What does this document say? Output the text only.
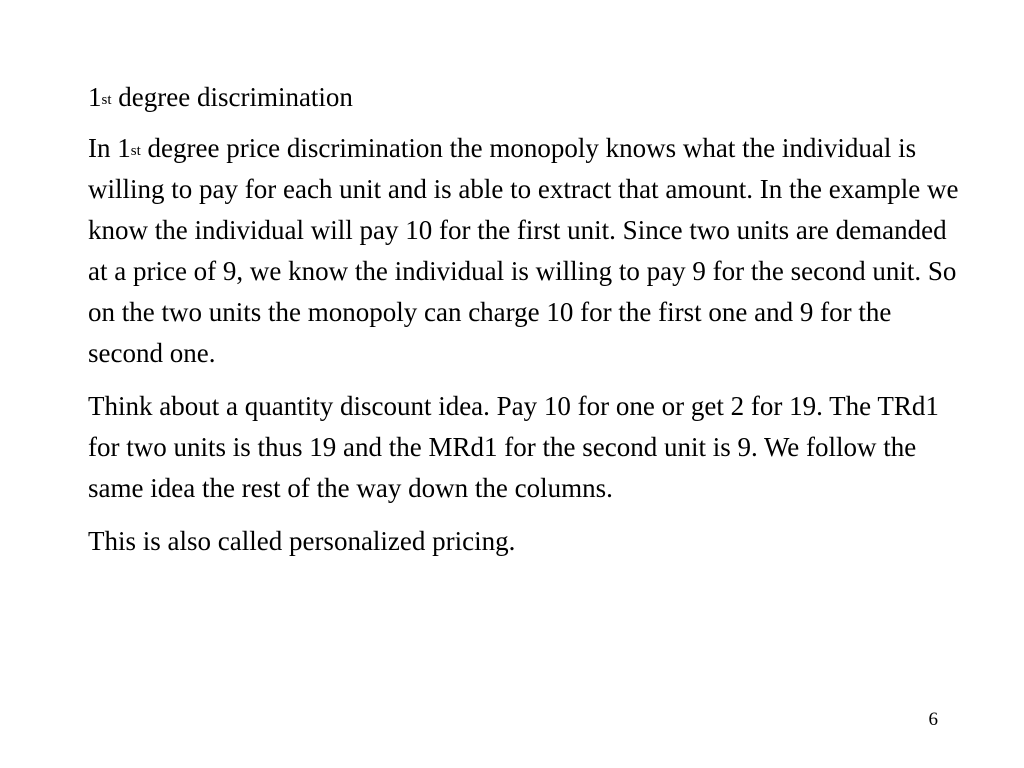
1st degree discrimination

In 1st degree price discrimination the monopoly knows what the individual is willing to pay for each unit and is able to extract that amount. In the example we know the individual will pay 10 for the first unit. Since two units are demanded at a price of 9, we know the individual is willing to pay 9 for the second unit. So on the two units the monopoly can charge 10 for the first one and 9 for the second one.

Think about a quantity discount idea. Pay 10 for one or get 2 for 19. The TRd1 for two units is thus 19 and the MRd1 for the second unit is 9. We follow the same idea the rest of the way down the columns.

This is also called personalized pricing.

6
